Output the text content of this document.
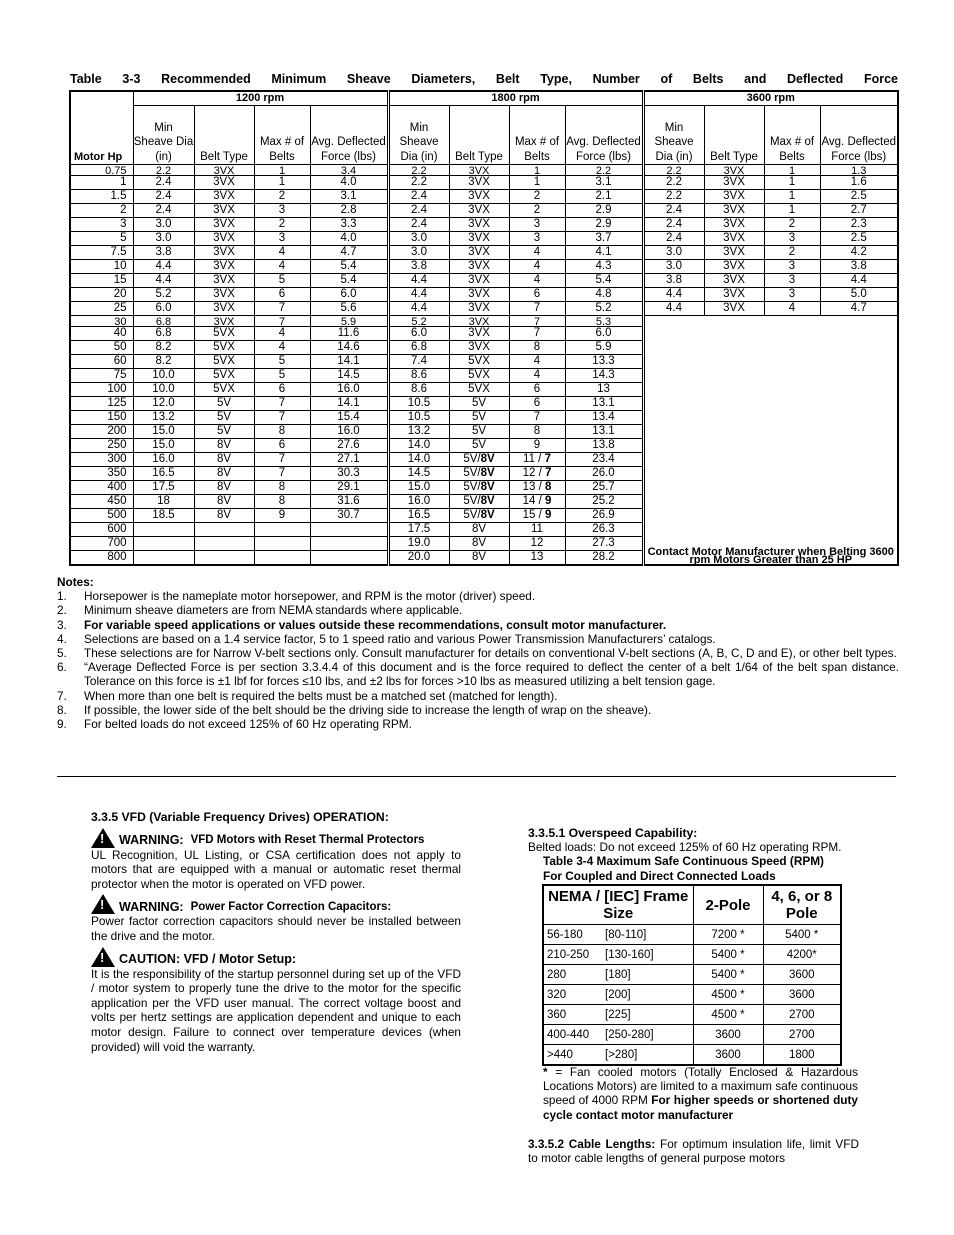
Table 3-3 Recommended Minimum Sheave Diameters, Belt Type, Number of Belts and Deflected Force
Motor Hp	1200 rpm				1800 rpm				3600 rpm			
	Min Sheave Dia (in)	Belt Type	Max # of Belts	Avg. Deflected Force (lbs)	Min Sheave Dia (in)	Belt Type	Max # of Belts	Avg. Deflected Force (lbs)	Min Sheave Dia (in)	Belt Type	Max # of Belts	Avg. Deflected Force (lbs)
0.75	2.2	3VX	1	3.4	2.2	3VX	1	2.2	2.2	3VX	1	1.3
1	2.4	3VX	1	4.0	2.2	3VX	1	3.1	2.2	3VX	1	1.6
1.5	2.4	3VX	2	3.1	2.4	3VX	2	2.1	2.2	3VX	1	2.5
2	2.4	3VX	3	2.8	2.4	3VX	2	2.9	2.4	3VX	1	2.7
3	3.0	3VX	2	3.3	2.4	3VX	3	2.9	2.4	3VX	2	2.3
5	3.0	3VX	3	4.0	3.0	3VX	3	3.7	2.4	3VX	3	2.5
7.5	3.8	3VX	4	4.7	3.0	3VX	4	4.1	3.0	3VX	2	4.2
10	4.4	3VX	4	5.4	3.8	3VX	4	4.3	3.0	3VX	3	3.8
15	4.4	3VX	5	5.4	4.4	3VX	4	5.4	3.8	3VX	3	4.4
20	5.2	3VX	6	6.0	4.4	3VX	6	4.8	4.4	3VX	3	5.0
25	6.0	3VX	7	5.6	4.4	3VX	7	5.2	4.4	3VX	4	4.7
30	6.8	3VX	7	5.9	5.2	3VX	7	5.3	Contact Motor Manufacturer when Belting 3600 rpm Motors Greater than 25 HP			
40	6.8	5VX	4	11.6	6.0	3VX	7	6.0				
50	8.2	5VX	4	14.6	6.8	3VX	8	5.9				
60	8.2	5VX	5	14.1	7.4	5VX	4	13.3				
75	10.0	5VX	5	14.5	8.6	5VX	4	14.3				
100	10.0	5VX	6	16.0	8.6	5VX	6	13				
125	12.0	5V	7	14.1	10.5	5V	6	13.1				
150	13.2	5V	7	15.4	10.5	5V	7	13.4				
200	15.0	5V	8	16.0	13.2	5V	8	13.1				
250	15.0	8V	6	27.6	14.0	5V	9	13.8				
300	16.0	8V	7	27.1	14.0	5V/8V	11 / 7	23.4				
350	16.5	8V	7	30.3	14.5	5V/8V	12 / 7	26.0				
400	17.5	8V	8	29.1	15.0	5V/8V	13 / 8	25.7				
450	18	8V	8	31.6	16.0	5V/8V	14 / 9	25.2				
500	18.5	8V	9	30.7	16.5	5V/8V	15 / 9	26.9				
600					17.5	8V	11	26.3				
700					19.0	8V	12	27.3				
800					20.0	8V	13	28.2				
Notes:
1.	Horsepower is the nameplate motor horsepower, and RPM is the motor (driver) speed.
2.	Minimum sheave diameters are from NEMA standards where applicable.
3.	For variable speed applications or values outside these recommendations, consult motor manufacturer.
4.	Selections are based on a 1.4 service factor, 5 to 1 speed ratio and various Power Transmission Manufacturers’ catalogs.
5.	These selections are for Narrow V-belt sections only. Consult manufacturer for details on conventional V-belt sections (A, B, C, D and E), or other belt types.
6.	“Average Deflected Force is per section 3.3.4.4 of this document and is the force required to deflect the center of a belt 1/64 of the belt span distance. Tolerance on this force is ±1 lbf for forces ≤10 lbs, and ±2 lbs for forces >10 lbs as measured utilizing a belt tension gage.
7.	When more than one belt is required the belts must be a matched set (matched for length).
8.	If possible, the lower side of the belt should be the driving side to increase the length of wrap on the sheave).
9.	For belted loads do not exceed 125% of 60 Hz operating RPM.
3.3.5 VFD (Variable Frequency Drives) OPERATION:
!
WARNING: VFD Motors with Reset Thermal Protectors
UL Recognition, UL Listing, or CSA certification does not apply to motors that are equipped with a manual or automatic reset thermal protector when the motor is operated on VFD power.
!
WARNING: Power Factor Correction Capacitors:
Power factor correction capacitors should never be installed between the drive and the motor.
!
CAUTION: VFD / Motor Setup:
It is the responsibility of the startup personnel during set up of the VFD / motor system to properly tune the drive to the motor for the specific application per the VFD user manual. The correct voltage boost and volts per hertz settings are application dependent and unique to each motor design. Failure to connect over temperature devices (when provided) will void the warranty.
3.3.5.1 Overspeed Capability:
Belted loads: Do not exceed 125% of 60 Hz operating RPM.
Table 3-4 Maximum Safe Continuous Speed (RPM)
For Coupled and Direct Connected Loads
NEMA / [IEC] Frame Size	2-Pole	4, 6, or 8 Pole
56-180 [80-110]	7200 *	5400 *
210-250 [130-160]	5400 *	4200*
280 [180]	5400 *	3600
320 [200]	4500 *	3600
360 [225]	4500 *	2700
400-440 [250-280]	3600	2700
>440 [>280]	3600	1800
* = Fan cooled motors (Totally Enclosed & Hazardous Locations Motors) are limited to a maximum safe continuous speed of 4000 RPM For higher speeds or shortened duty cycle contact motor manufacturer
3.3.5.2 Cable Lengths: For optimum insulation life, limit VFD to motor cable lengths of general purpose motors
